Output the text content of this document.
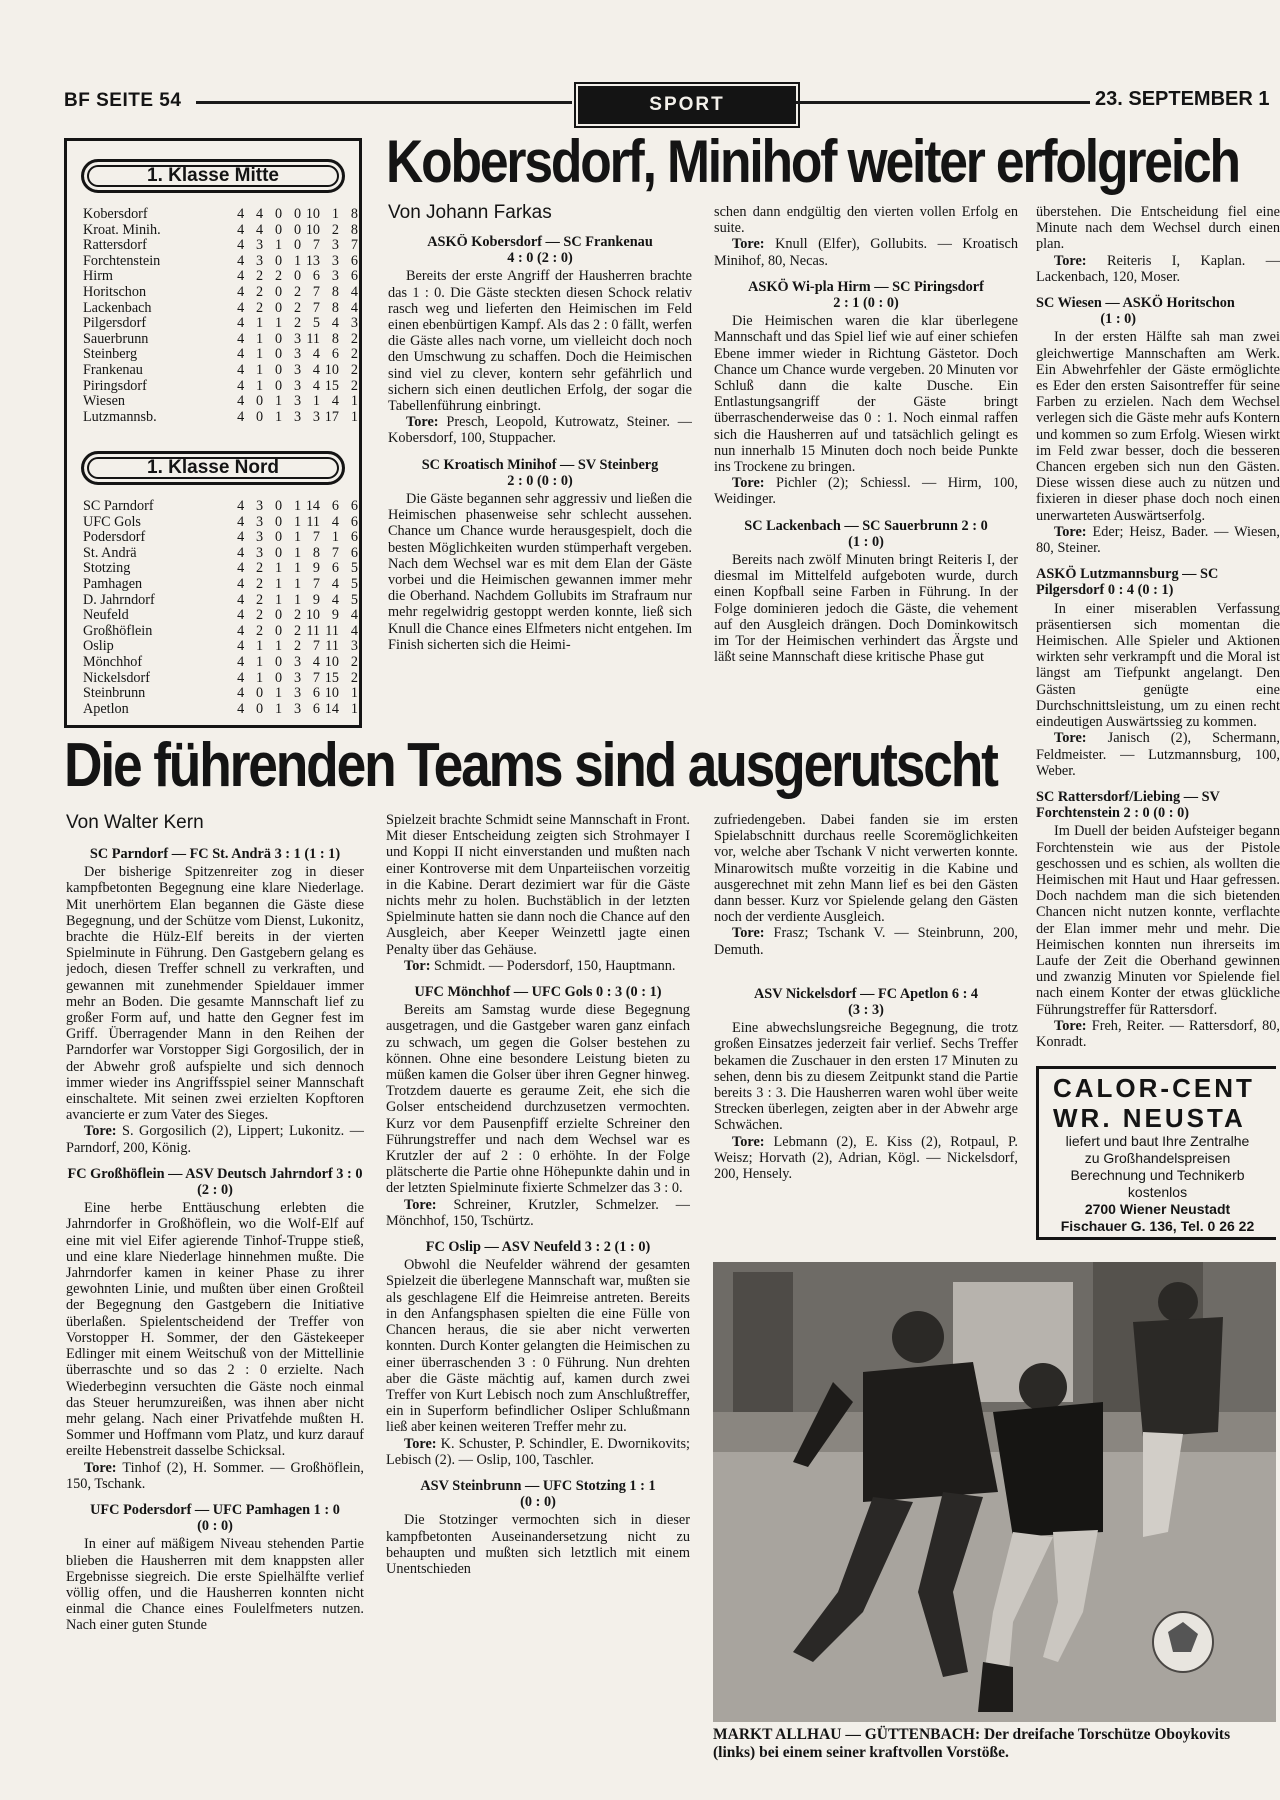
BF SEITE 54	SPORT	23. SEPTEMBER 1
1. Klasse Mitte
Kobersdorf	4	4	0	0	10	1	8
Kroat. Minih.	4	4	0	0	10	2	8
Rattersdorf	4	3	1	0	7	3	7
Forchtenstein	4	3	0	1	13	3	6
Hirm	4	2	2	0	6	3	6
Horitschon	4	2	0	2	7	8	4
Lackenbach	4	2	0	2	7	8	4
Pilgersdorf	4	1	1	2	5	4	3
Sauerbrunn	4	1	0	3	11	8	2
Steinberg	4	1	0	3	4	6	2
Frankenau	4	1	0	3	4	10	2
Piringsdorf	4	1	0	3	4	15	2
Wiesen	4	0	1	3	1	4	1
Lutzmannsb.	4	0	1	3	3	17	1
1. Klasse Nord
SC Parndorf	4	3	0	1	14	6	6
UFC Gols	4	3	0	1	11	4	6
Podersdorf	4	3	0	1	7	1	6
St. Andrä	4	3	0	1	8	7	6
Stotzing	4	2	1	1	9	6	5
Pamhagen	4	2	1	1	7	4	5
D. Jahrndorf	4	2	1	1	9	4	5
Neufeld	4	2	0	2	10	9	4
Großhöflein	4	2	0	2	11	11	4
Oslip	4	1	1	2	7	11	3
Mönchhof	4	1	0	3	4	10	2
Nickelsdorf	4	1	0	3	7	15	2
Steinbrunn	4	0	1	3	6	10	1
Apetlon	4	0	1	3	6	14	1
Kobersdorf, Minihof weiter erfolgreich
Von Johann Farkas

ASKÖ Kobersdorf — SC Frankenau
4 : 0 (2 : 0)

Bereits der erste Angriff der Hausherren brachte das 1 : 0. Die Gäste steckten diesen Schock relativ rasch weg und lieferten den Heimischen im Feld einen ebenbürtigen Kampf. Als das 2 : 0 fällt, werfen die Gäste alles nach vorne, um vielleicht doch noch den Umschwung zu schaffen. Doch die Heimischen sind viel zu clever, kontern sehr gefährlich und sichern sich einen deutlichen Erfolg, der sogar die Tabellenführung einbringt.

Tore: Presch, Leopold, Kutrowatz, Steiner. — Kobersdorf, 100, Stuppacher.

SC Kroatisch Minihof — SV Steinberg
2 : 0 (0 : 0)

Die Gäste begannen sehr aggressiv und ließen die Heimischen phasenweise sehr schlecht aussehen. Chance um Chance wurde herausgespielt, doch die besten Möglichkeiten wurden stümperhaft vergeben. Nach dem Wechsel war es mit dem Elan der Gäste vorbei und die Heimischen gewannen immer mehr die Oberhand. Nachdem Gollubits im Strafraum nur mehr regelwidrig gestoppt werden konnte, ließ sich Knull die Chance eines Elfmeters nicht entgehen. Im Finish sicherten sich die Heimi-

schen dann endgültig den vierten vollen Erfolg en suite.

Tore: Knull (Elfer), Gollubits. — Kroatisch Minihof, 80, Necas.

ASKÖ Wi-pla Hirm — SC Piringsdorf
2 : 1 (0 : 0)

Die Heimischen waren die klar überlegene Mannschaft und das Spiel lief wie auf einer schiefen Ebene immer wieder in Richtung Gästetor. Doch Chance um Chance wurde vergeben. 20 Minuten vor Schluß dann die kalte Dusche. Ein Entlastungsangriff der Gäste bringt überraschenderweise das 0 : 1. Noch einmal raffen sich die Hausherren auf und tatsächlich gelingt es nun innerhalb 15 Minuten doch noch beide Punkte ins Trockene zu bringen.

Tore: Pichler (2); Schiessl. — Hirm, 100, Weidinger.

SC Lackenbach — SC Sauerbrunn 2 : 0
(1 : 0)

Bereits nach zwölf Minuten bringt Reiteris I, der diesmal im Mittelfeld aufgeboten wurde, durch einen Kopfball seine Farben in Führung. In der Folge dominieren jedoch die Gäste, die vehement auf den Ausgleich drängen. Doch Dominkowitsch im Tor der Heimischen verhindert das Ärgste und läßt seine Mannschaft diese kritische Phase gut

überstehen. Die Entscheidung fiel eine Minute nach dem Wechsel durch einen plan.

Tore: Reiteris I, Kaplan. — Lackenbach, 120, Moser.

SC Wiesen — ASKÖ Horitschon
(1 : 0)

In der ersten Hälfte sah man zwei gleichwertige Mannschaften am Werk. Ein Abwehrfehler der Gäste ermöglichte es Eder den ersten Saisontreffer für seine Farben zu erzielen. Nach dem Wechsel verlegen sich die Gäste mehr aufs Kontern und kommen so zum Erfolg. Wiesen wirkt im Feld zwar besser, doch die besseren Chancen ergeben sich nun den Gästen. Diese wissen diese auch zu nützen und fixieren in dieser phase doch noch einen unerwarteten Auswärtserfolg.

Tore: Eder; Heisz, Bader. — Wiesen, 80, Steiner.

ASKÖ Lutzmannsburg — SC Pilgersdorf 0 : 4 (0 : 1)

In einer miserablen Verfassung präsentiersen sich momentan die Heimischen. Alle Spieler und Aktionen wirkten sehr verkrampft und die Moral ist längst am Tiefpunkt angelangt. Den Gästen genügte eine Durchschnittsleistung, um zu einen recht eindeutigen Auswärtssieg zu kommen.

Tore: Janisch (2), Schermann, Feldmeister. — Lutzmannsburg, 100, Weber.

SC Rattersdorf/Liebing — SV Forchtenstein 2 : 0 (0 : 0)

Im Duell der beiden Aufsteiger begann Forchtenstein wie aus der Pistole geschossen und es schien, als wollten die Heimischen mit Haut und Haar gefressen. Doch nachdem man die sich bietenden Chancen nicht nutzen konnte, verflachte der Elan immer mehr und mehr. Die Heimischen konnten nun ihrerseits im Laufe der Zeit die Oberhand gewinnen und zwanzig Minuten vor Spielende fiel nach einem Konter der etwas glückliche Führungstreffer für Rattersdorf.

Tore: Freh, Reiter. — Rattersdorf, 80, Konradt.

Die führenden Teams sind ausgerutscht
Von Walter Kern

SC Parndorf — FC St. Andrä 3 : 1 (1 : 1)

Der bisherige Spitzenreiter zog in dieser kampfbetonten Begegnung eine klare Niederlage. Mit unerhörtem Elan begannen die Gäste diese Begegnung, und der Schütze vom Dienst, Lukonitz, brachte die Hülz-Elf bereits in der vierten Spielminute in Führung. Den Gastgebern gelang es jedoch, diesen Treffer schnell zu verkraften, und gewannen mit zunehmender Spieldauer immer mehr an Boden. Die gesamte Mannschaft lief zu großer Form auf, und hatte den Gegner fest im Griff. Überragender Mann in den Reihen der Parndorfer war Vorstopper Sigi Gorgosilich, der in der Abwehr groß aufspielte und sich dennoch immer wieder ins Angriffsspiel seiner Mannschaft einschaltete. Mit seinen zwei erzielten Kopftoren avancierte er zum Vater des Sieges.

Tore: S. Gorgosilich (2), Lippert; Lukonitz. — Parndorf, 200, König.

FC Großhöflein — ASV Deutsch Jahrndorf 3 : 0 (2 : 0)

Eine herbe Enttäuschung erlebten die Jahrndorfer in Großhöflein, wo die Wolf-Elf auf eine mit viel Eifer agierende Tinhof-Truppe stieß, und eine klare Niederlage hinnehmen mußte. Die Jahrndorfer kamen in keiner Phase zu ihrer gewohnten Linie, und mußten über einen Großteil der Begegnung den Gastgebern die Initiative überlaßen. Spielentscheidend der Treffer von Vorstopper H. Sommer, der den Gästekeeper Edlinger mit einem Weitschuß von der Mittellinie überraschte und so das 2 : 0 erzielte. Nach Wiederbeginn versuchten die Gäste noch einmal das Steuer herumzureißen, was ihnen aber nicht mehr gelang. Nach einer Privatfehde mußten H. Sommer und Hoffmann vom Platz, und kurz darauf ereilte Hebenstreit dasselbe Schicksal.

Tore: Tinhof (2), H. Sommer. — Großhöflein, 150, Tschank.

UFC Podersdorf — UFC Pamhagen 1 : 0
(0 : 0)

In einer auf mäßigem Niveau stehenden Partie blieben die Hausherren mit dem knappsten aller Ergebnisse siegreich. Die erste Spielhälfte verlief völlig offen, und die Hausherren konnten nicht einmal die Chance eines Foulelfmeters nutzen. Nach einer guten Stunde

Spielzeit brachte Schmidt seine Mannschaft in Front. Mit dieser Entscheidung zeigten sich Strohmayer I und Koppi II nicht einverstanden und mußten nach einer Kontroverse mit dem Unparteiischen vorzeitig in die Kabine. Derart dezimiert war für die Gäste nichts mehr zu holen. Buchstäblich in der letzten Spielminute hatten sie dann noch die Chance auf den Ausgleich, aber Keeper Weinzettl jagte einen Penalty über das Gehäuse.

Tor: Schmidt. — Podersdorf, 150, Hauptmann.

UFC Mönchhof — UFC Gols 0 : 3 (0 : 1)

Bereits am Samstag wurde diese Begegnung ausgetragen, und die Gastgeber waren ganz einfach zu schwach, um gegen die Golser bestehen zu können. Ohne eine besondere Leistung bieten zu müßen kamen die Golser über ihren Gegner hinweg. Trotzdem dauerte es geraume Zeit, ehe sich die Golser entscheidend durchzusetzen vermochten. Kurz vor dem Pausenpfiff erzielte Schreiner den Führungstreffer und nach dem Wechsel war es Krutzler der auf 2 : 0 erhöhte. In der Folge plätscherte die Partie ohne Höhepunkte dahin und in der letzten Spielminute fixierte Schmelzer das 3 : 0.

Tore: Schreiner, Krutzler, Schmelzer. — Mönchhof, 150, Tschürtz.

FC Oslip — ASV Neufeld 3 : 2 (1 : 0)

Obwohl die Neufelder während der gesamten Spielzeit die überlegene Mannschaft war, mußten sie als geschlagene Elf die Heimreise antreten. Bereits in den Anfangsphasen spielten die eine Fülle von Chancen heraus, die sie aber nicht verwerten konnten. Durch Konter gelangten die Heimischen zu einer überraschenden 3 : 0 Führung. Nun drehten aber die Gäste mächtig auf, kamen durch zwei Treffer von Kurt Lebisch noch zum Anschlußtreffer, ein in Superform befindlicher Osliper Schlußmann ließ aber keinen weiteren Treffer mehr zu.

Tore: K. Schuster, P. Schindler, E. Dwornikovits; Lebisch (2). — Oslip, 100, Taschler.

ASV Steinbrunn — UFC Stotzing 1 : 1
(0 : 0)

Die Stotzinger vermochten sich in dieser kampfbetonten Auseinandersetzung nicht zu behaupten und mußten sich letztlich mit einem Unentschieden

zufriedengeben. Dabei fanden sie im ersten Spielabschnitt durchaus reelle Scoremöglichkeiten vor, welche aber Tschank V nicht verwerten konnte. Minarowitsch mußte vorzeitig in die Kabine und ausgerechnet mit zehn Mann lief es bei den Gästen dann besser. Kurz vor Spielende gelang den Gästen noch der verdiente Ausgleich.

Tore: Frasz; Tschank V. — Steinbrunn, 200, Demuth.

ASV Nickelsdorf — FC Apetlon 6 : 4
(3 : 3)

Eine abwechslungsreiche Begegnung, die trotz großen Einsatzes jederzeit fair verlief. Sechs Treffer bekamen die Zuschauer in den ersten 17 Minuten zu sehen, denn bis zu diesem Zeitpunkt stand die Partie bereits 3 : 3. Die Hausherren waren wohl über weite Strecken überlegen, zeigten aber in der Abwehr arge Schwächen.

Tore: Lebmann (2), E. Kiss (2), Rotpaul, P. Weisz; Horvath (2), Adrian, Kögl. — Nickelsdorf, 200, Hensely.

CALOR-CENT
WR. NEUSTA
liefert und baut Ihre Zentralhe
zu Großhandelspreisen
Berechnung und Technikerb
kostenlos
2700 Wiener Neustadt
Fischauer G. 136, Tel. 0 26 22
MARKT ALLHAU — GÜTTENBACH: Der dreifache Torschütze Oboykovits (links) bei einem seiner kraftvollen Vorstöße.
